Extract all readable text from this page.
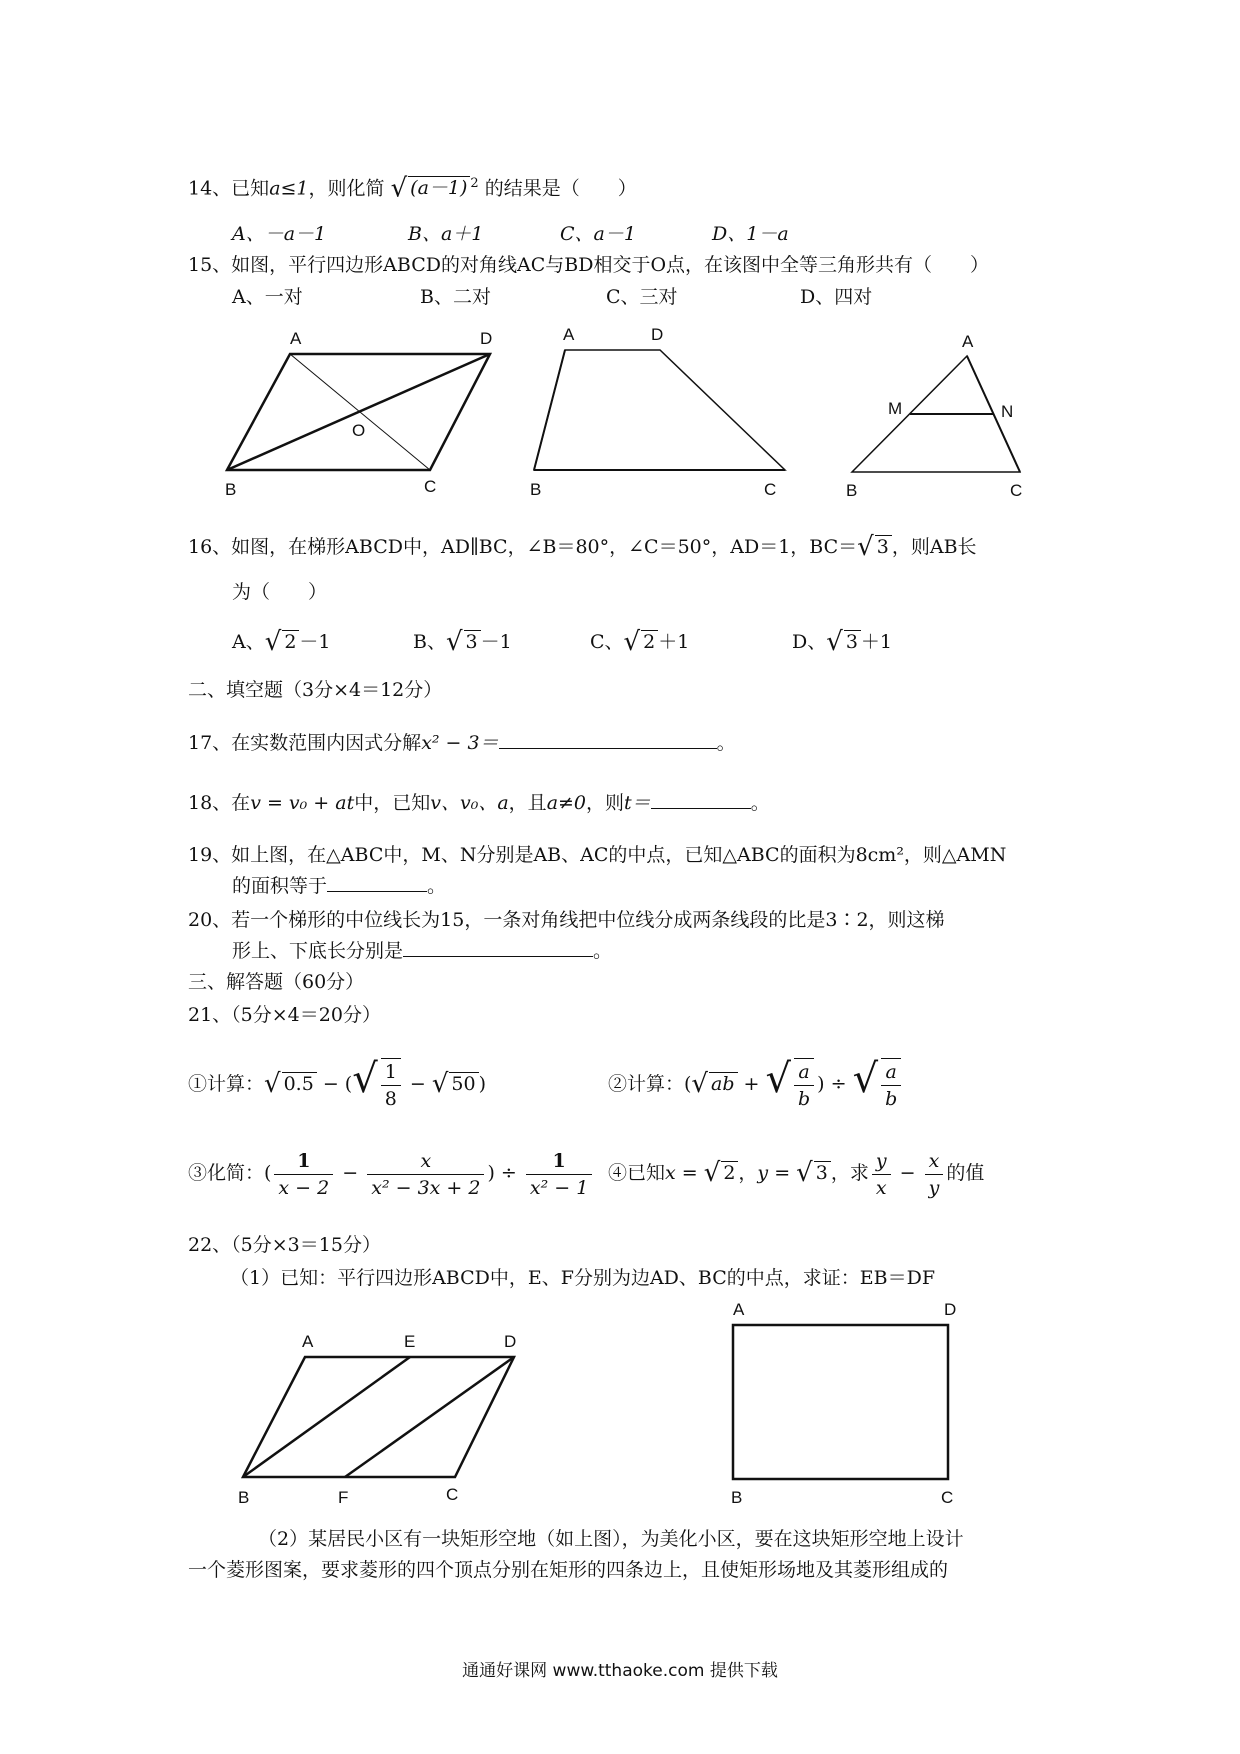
14、已知a≤1，则化简 √ (a－1) $^2$ 的结果是（　　）
A、－a－1	B、a＋1	C、a－1	D、1－a
15、如图，平行四边形ABCD的对角线AC与BD相交于O点，在该图中全等三角形共有（　　）
A、一对	B、二对	C、三对	D、四对
A	D
B	C
O
A	D
B	C
A
M	N
B	C
16、如图，在梯形ABCD中，AD∥BC，∠B＝80°，∠C＝50°，AD＝1，BC＝√ 3 ，则AB长
为（　　）
A、√ 2 －1	B、√ 3 －1	C、√ 2 ＋1	D、√ 3 ＋1
二、填空题（3分×4＝12分）
17、在实数范围内因式分解x² − 3＝	。
18、在v = v₀ + at中，已知v、v₀、a，且a≠0，则t＝	。
19、如上图，在△ABC中，M、N分别是AB、AC的中点，已知△ABC的面积为8cm²，则△AMN
的面积等于	。
20、若一个梯形的中位线长为15，一条对角线把中位线分成两条线段的比是3∶2，则这梯
形上、下底长分别是	。
三、解答题（60分）
21、（5分×4＝20分）
①计算：√ 0.5 − (√ $\frac{1}{8}$ − √ 50 )	②计算：(√ ab + √ $\frac{a}{b}$ ) ÷ √ $\frac{a}{b}$
③化简：( $\frac{1}{x - 2} - \frac{x}{\text{x² − 3x + 2}}$ ) ÷ $\frac{1}{\text{x² − 1}}$ ④已知x = √ 2 ，y = √ 3 ，求 $\frac{y}{x} - \frac{x}{y}$ 的值
22、（5分×3＝15分）
（1）已知：平行四边形ABCD中，E、F分别为边AD、BC的中点，求证：EB＝DF
A	E	D
B	F	C
A	D
B	C
（2）某居民小区有一块矩形空地（如上图），为美化小区，要在这块矩形空地上设计
一个菱形图案，要求菱形的四个顶点分别在矩形的四条边上，且使矩形场地及其菱形组成的
通通好课网 www.tthaoke.com 提供下载
